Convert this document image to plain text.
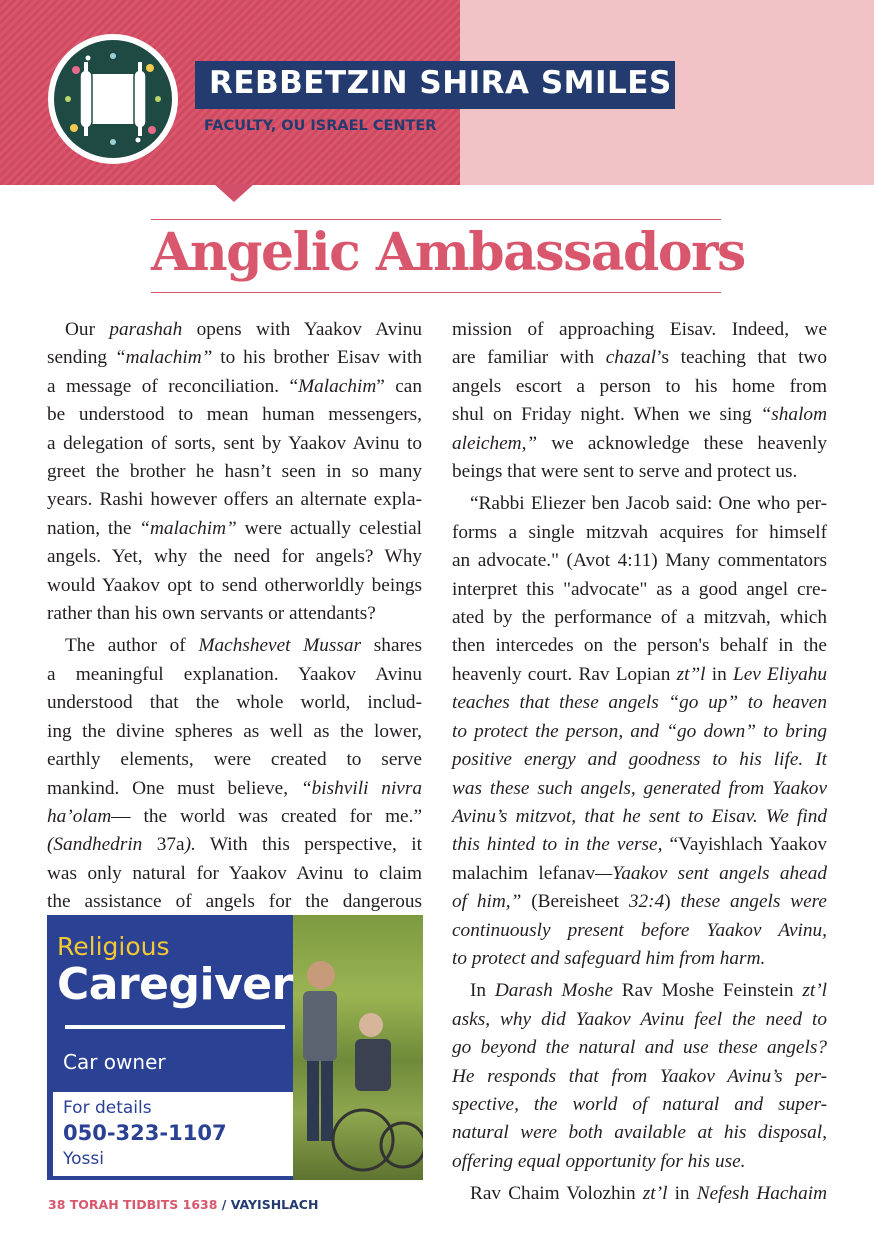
REBBETZIN SHIRA SMILES
FACULTY, OU ISRAEL CENTER
Angelic Ambassadors

Our parashah opens with Yaakov Avinu
sending “malachim” to his brother Eisav with
a message of reconciliation. “Malachim” can
be understood to mean human messengers,
a delegation of sorts, sent by Yaakov Avinu to
greet the brother he hasn’t seen in so many
years. Rashi however offers an alternate expla-
nation, the “malachim” were actually celestial
angels. Yet, why the need for angels? Why
would Yaakov opt to send otherworldly beings
rather than his own servants or attendants?

The author of Machshevet Mussar shares
a meaningful explanation. Yaakov Avinu
understood that the whole world, includ-
ing the divine spheres as well as the lower,
earthly elements, were created to serve
mankind. One must believe, “bishvili nivra
ha’olam— the world was created for me.”
(Sandhedrin 37a). With this perspective, it
was only natural for Yaakov Avinu to claim
the assistance of angels for the dangerous

mission of approaching Eisav. Indeed, we
are familiar with chazal’s teaching that two
angels escort a person to his home from
shul on Friday night. When we sing “shalom
aleichem,” we acknowledge these heavenly
beings that were sent to serve and protect us.

“Rabbi Eliezer ben Jacob said: One who per-
forms a single mitzvah acquires for himself
an advocate." (Avot 4:11) Many commentators
interpret this "advocate" as a good angel cre-
ated by the performance of a mitzvah, which
then intercedes on the person's behalf in the
heavenly court. Rav Lopian zt”l in Lev Eliyahu
teaches that these angels “go up” to heaven
to protect the person, and “go down” to bring
positive energy and goodness to his life. It
was these such angels, generated from Yaakov
Avinu’s mitzvot, that he sent to Eisav. We find
this hinted to in the verse, “Vayishlach Yaakov
malachim lefanav—Yaakov sent angels ahead
of him,” (Bereisheet 32:4) these angels were
continuously present before Yaakov Avinu,
to protect and safeguard him from harm.

In Darash Moshe Rav Moshe Feinstein zt’l
asks, why did Yaakov Avinu feel the need to
go beyond the natural and use these angels?
He responds that from Yaakov Avinu’s per-
spective, the world of natural and super-
natural were both available at his disposal,
offering equal opportunity for his use.

Rav Chaim Volozhin zt’l in Nefesh Hachaim

Religious
Caregiver
Car owner
For details
050-323-1107
Yossi
38 TORAH TIDBITS 1638 / VAYISHLACH
